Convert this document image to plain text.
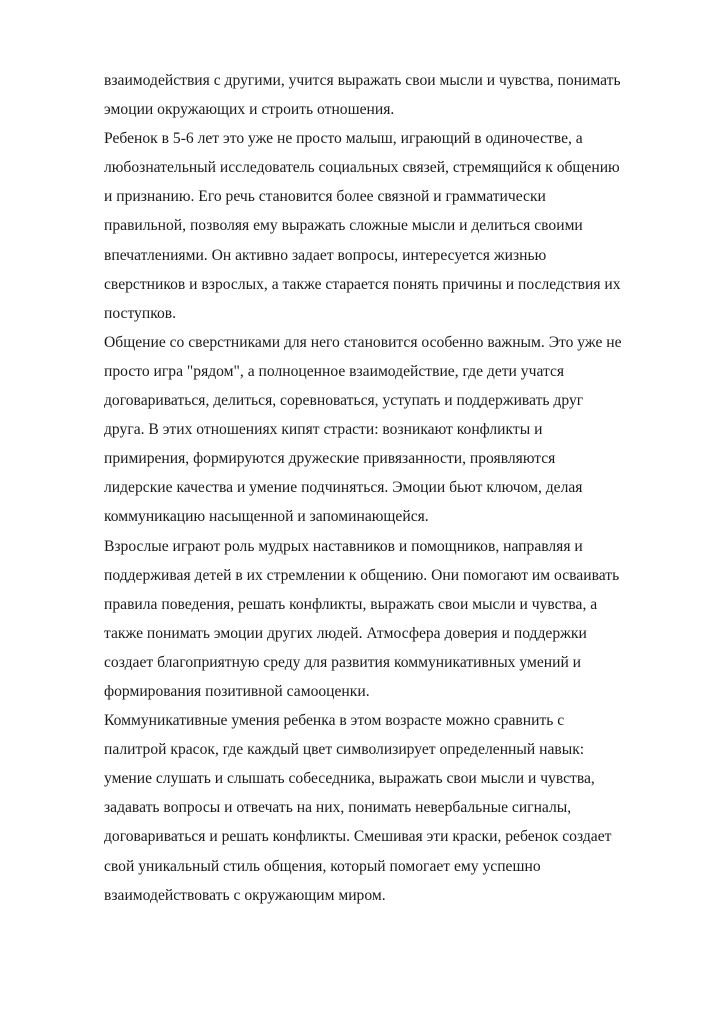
взаимодействия с другими, учится выражать свои мысли и чувства, понимать
эмоции окружающих и строить отношения.
Ребенок в 5-6 лет это уже не просто малыш, играющий в одиночестве, а
любознательный исследователь социальных связей, стремящийся к общению
и признанию. Его речь становится более связной и грамматически
правильной, позволяя ему выражать сложные мысли и делиться своими
впечатлениями. Он активно задает вопросы, интересуется жизнью
сверстников и взрослых, а также старается понять причины и последствия их
поступков.
Общение со сверстниками для него становится особенно важным. Это уже не
просто игра "рядом", а полноценное взаимодействие, где дети учатся
договариваться, делиться, соревноваться, уступать и поддерживать друг
друга. В этих отношениях кипят страсти: возникают конфликты и
примирения, формируются дружеские привязанности, проявляются
лидерские качества и умение подчиняться. Эмоции бьют ключом, делая
коммуникацию насыщенной и запоминающейся.
Взрослые играют роль мудрых наставников и помощников, направляя и
поддерживая детей в их стремлении к общению. Они помогают им осваивать
правила поведения, решать конфликты, выражать свои мысли и чувства, а
также понимать эмоции других людей. Атмосфера доверия и поддержки
создает благоприятную среду для развития коммуникативных умений и
формирования позитивной самооценки.
Коммуникативные умения ребенка в этом возрасте можно сравнить с
палитрой красок, где каждый цвет символизирует определенный навык:
умение слушать и слышать собеседника, выражать свои мысли и чувства,
задавать вопросы и отвечать на них, понимать невербальные сигналы,
договариваться и решать конфликты. Смешивая эти краски, ребенок создает
свой уникальный стиль общения, который помогает ему успешно
взаимодействовать с окружающим миром.
